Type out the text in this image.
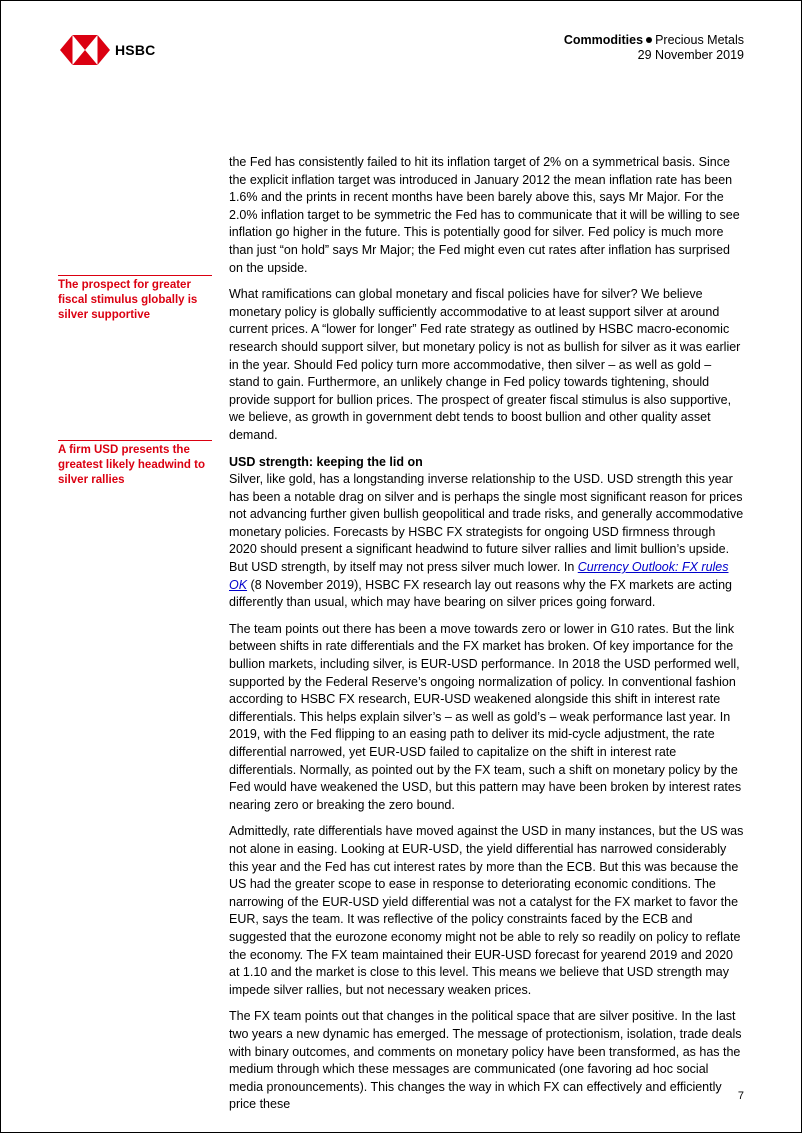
HSBC
Commodities Precious Metals
29 November 2019
The prospect for greater fiscal stimulus globally is silver supportive
A firm USD presents the greatest likely headwind to silver rallies

the Fed has consistently failed to hit its inflation target of 2% on a symmetrical basis. Since the explicit inflation target was introduced in January 2012 the mean inflation rate has been 1.6% and the prints in recent months have been barely above this, says Mr Major. For the 2.0% inflation target to be symmetric the Fed has to communicate that it will be willing to see inflation go higher in the future. This is potentially good for silver. Fed policy is much more than just “on hold” says Mr Major; the Fed might even cut rates after inflation has surprised on the upside.

What ramifications can global monetary and fiscal policies have for silver? We believe monetary policy is globally sufficiently accommodative to at least support silver at around current prices. A “lower for longer” Fed rate strategy as outlined by HSBC macro-economic research should support silver, but monetary policy is not as bullish for silver as it was earlier in the year. Should Fed policy turn more accommodative, then silver – as well as gold – stand to gain. Furthermore, an unlikely change in Fed policy towards tightening, should provide support for bullion prices. The prospect of greater fiscal stimulus is also supportive, we believe, as growth in government debt tends to boost bullion and other quality asset demand.

USD strength: keeping the lid on

Silver, like gold, has a longstanding inverse relationship to the USD. USD strength this year has been a notable drag on silver and is perhaps the single most significant reason for prices not advancing further given bullish geopolitical and trade risks, and generally accommodative monetary policies. Forecasts by HSBC FX strategists for ongoing USD firmness through 2020 should present a significant headwind to future silver rallies and limit bullion’s upside. But USD strength, by itself may not press silver much lower. In Currency Outlook: FX rules OK (8 November 2019), HSBC FX research lay out reasons why the FX markets are acting differently than usual, which may have bearing on silver prices going forward.

The team points out there has been a move towards zero or lower in G10 rates. But the link between shifts in rate differentials and the FX market has broken. Of key importance for the bullion markets, including silver, is EUR-USD performance. In 2018 the USD performed well, supported by the Federal Reserve’s ongoing normalization of policy. In conventional fashion according to HSBC FX research, EUR-USD weakened alongside this shift in interest rate differentials. This helps explain silver’s – as well as gold’s – weak performance last year. In 2019, with the Fed flipping to an easing path to deliver its mid-cycle adjustment, the rate differential narrowed, yet EUR-USD failed to capitalize on the shift in interest rate differentials. Normally, as pointed out by the FX team, such a shift on monetary policy by the Fed would have weakened the USD, but this pattern may have been broken by interest rates nearing zero or breaking the zero bound.

Admittedly, rate differentials have moved against the USD in many instances, but the US was not alone in easing. Looking at EUR-USD, the yield differential has narrowed considerably this year and the Fed has cut interest rates by more than the ECB. But this was because the US had the greater scope to ease in response to deteriorating economic conditions. The narrowing of the EUR-USD yield differential was not a catalyst for the FX market to favor the EUR, says the team. It was reflective of the policy constraints faced by the ECB and suggested that the eurozone economy might not be able to rely so readily on policy to reflate the economy. The FX team maintained their EUR-USD forecast for yearend 2019 and 2020 at 1.10 and the market is close to this level. This means we believe that USD strength may impede silver rallies, but not necessary weaken prices.

The FX team points out that changes in the political space that are silver positive. In the last two years a new dynamic has emerged. The message of protectionism, isolation, trade deals with binary outcomes, and comments on monetary policy have been transformed, as has the medium through which these messages are communicated (one favoring ad hoc social media pronouncements). This changes the way in which FX can effectively and efficiently price these

7
